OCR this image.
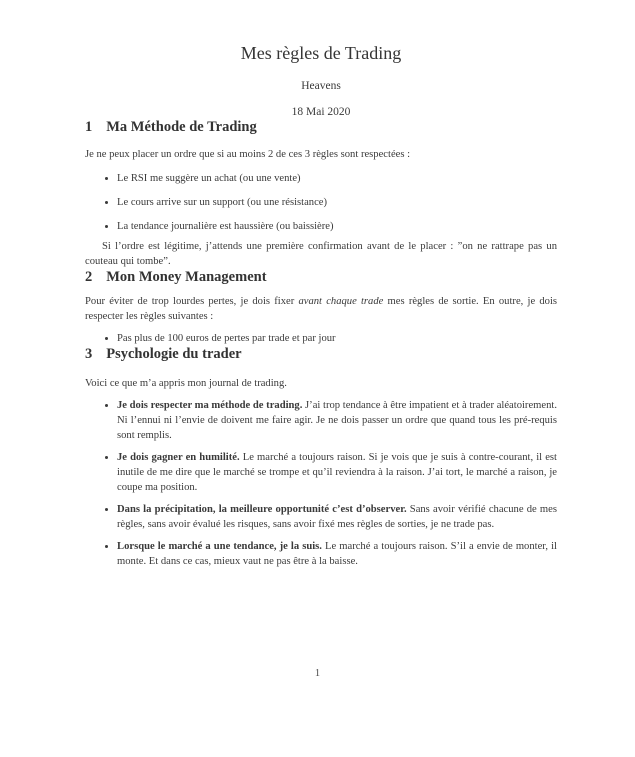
Mes règles de Trading
Heavens
18 Mai 2020
1 Ma Méthode de Trading

Je ne peux placer un ordre que si au moins 2 de ces 3 règles sont respectées :

• Le RSI me suggère un achat (ou une vente)
• Le cours arrive sur un support (ou une résistance)
• La tendance journalière est haussière (ou baissière)

Si l’ordre est légitime, j’attends une première confirmation avant de le placer : ”on ne rattrape pas un couteau qui tombe”.

2 Mon Money Management

Pour éviter de trop lourdes pertes, je dois fixer avant chaque trade mes règles de sortie. En outre, je dois respecter les règles suivantes :

• Pas plus de 100 euros de pertes par trade et par jour
3 Psychologie du trader

Voici ce que m’a appris mon journal de trading.

• Je dois respecter ma méthode de trading. J’ai trop tendance à être impatient et à trader aléatoirement. Ni l’ennui ni l’envie de doivent me faire agir. Je ne dois passer un ordre que quand tous les pré-requis sont remplis.
• Je dois gagner en humilité. Le marché a toujours raison. Si je vois que je suis à contre-courant, il est inutile de me dire que le marché se trompe et qu’il reviendra à la raison. J’ai tort, le marché a raison, je coupe ma position.
• Dans la précipitation, la meilleure opportunité c’est d’observer. Sans avoir vérifié chacune de mes règles, sans avoir évalué les risques, sans avoir fixé mes règles de sorties, je ne trade pas.
• Lorsque le marché a une tendance, je la suis. Le marché a toujours raison. S’il a envie de monter, il monte. Et dans ce cas, mieux vaut ne pas être à la baisse.
1
